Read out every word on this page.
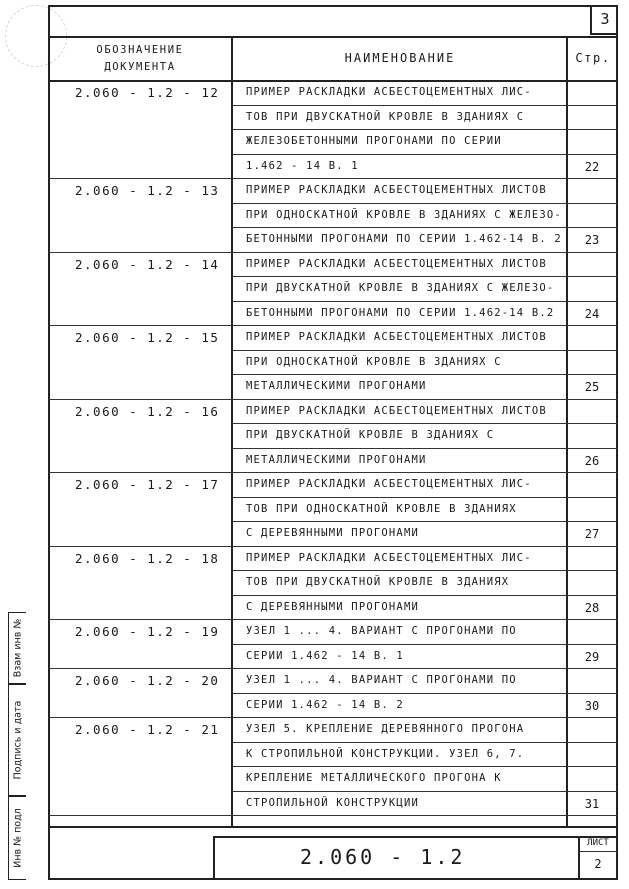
3
ОБОЗНАЧЕНИЕ ДОКУМЕНТА
НАИМЕНОВАНИЕ	Стр.
2.060 - 1.2 - 12	ПРИМЕР РАСКЛАДКИ АСБЕСТОЦЕМЕНТНЫХ ЛИС-
ТОВ ПРИ ДВУСКАТНОЙ КРОВЛЕ В ЗДАНИЯХ С
ЖЕЛЕЗОБЕТОННЫМИ ПРОГОНАМИ ПО СЕРИИ
1.462 - 14 В. 1	22
2.060 - 1.2 - 13	ПРИМЕР РАСКЛАДКИ АСБЕСТОЦЕМЕНТНЫХ ЛИСТОВ
ПРИ ОДНОСКАТНОЙ КРОВЛЕ В ЗДАНИЯХ С ЖЕЛЕЗО-
БЕТОННЫМИ ПРОГОНАМИ ПО СЕРИИ 1.462-14 В. 2	23
2.060 - 1.2 - 14	ПРИМЕР РАСКЛАДКИ АСБЕСТОЦЕМЕНТНЫХ ЛИСТОВ
ПРИ ДВУСКАТНОЙ КРОВЛЕ В ЗДАНИЯХ С ЖЕЛЕЗО-
БЕТОННЫМИ ПРОГОНАМИ ПО СЕРИИ 1.462-14 В.2	24
2.060 - 1.2 - 15	ПРИМЕР РАСКЛАДКИ АСБЕСТОЦЕМЕНТНЫХ ЛИСТОВ
ПРИ ОДНОСКАТНОЙ КРОВЛЕ В ЗДАНИЯХ С
МЕТАЛЛИЧЕСКИМИ ПРОГОНАМИ	25
2.060 - 1.2 - 16	ПРИМЕР РАСКЛАДКИ АСБЕСТОЦЕМЕНТНЫХ ЛИСТОВ
ПРИ ДВУСКАТНОЙ КРОВЛЕ В ЗДАНИЯХ С
МЕТАЛЛИЧЕСКИМИ ПРОГОНАМИ	26
2.060 - 1.2 - 17	ПРИМЕР РАСКЛАДКИ АСБЕСТОЦЕМЕНТНЫХ ЛИС-
ТОВ ПРИ ОДНОСКАТНОЙ КРОВЛЕ В ЗДАНИЯХ
С ДЕРЕВЯННЫМИ ПРОГОНАМИ	27
2.060 - 1.2 - 18	ПРИМЕР РАСКЛАДКИ АСБЕСТОЦЕМЕНТНЫХ ЛИС-
ТОВ ПРИ ДВУСКАТНОЙ КРОВЛЕ В ЗДАНИЯХ
С ДЕРЕВЯННЫМИ ПРОГОНАМИ	28
2.060 - 1.2 - 19	УЗЕЛ 1 ... 4. ВАРИАНТ С ПРОГОНАМИ ПО
СЕРИИ 1.462 - 14 В. 1	29
2.060 - 1.2 - 20	УЗЕЛ 1 ... 4. ВАРИАНТ С ПРОГОНАМИ ПО
СЕРИИ 1.462 - 14 В. 2	30
2.060 - 1.2 - 21	УЗЕЛ 5. КРЕПЛЕНИЕ ДЕРЕВЯННОГО ПРОГОНА
К СТРОПИЛЬНОЙ КОНСТРУКЦИИ. УЗЕЛ 6, 7.
КРЕПЛЕНИЕ МЕТАЛЛИЧЕСКОГО ПРОГОНА К
СТРОПИЛЬНОЙ КОНСТРУКЦИИ	31
2.060 - 1.2
ЛИСТ
2
Взам инв №
Подпись и дата
Инв № подл
